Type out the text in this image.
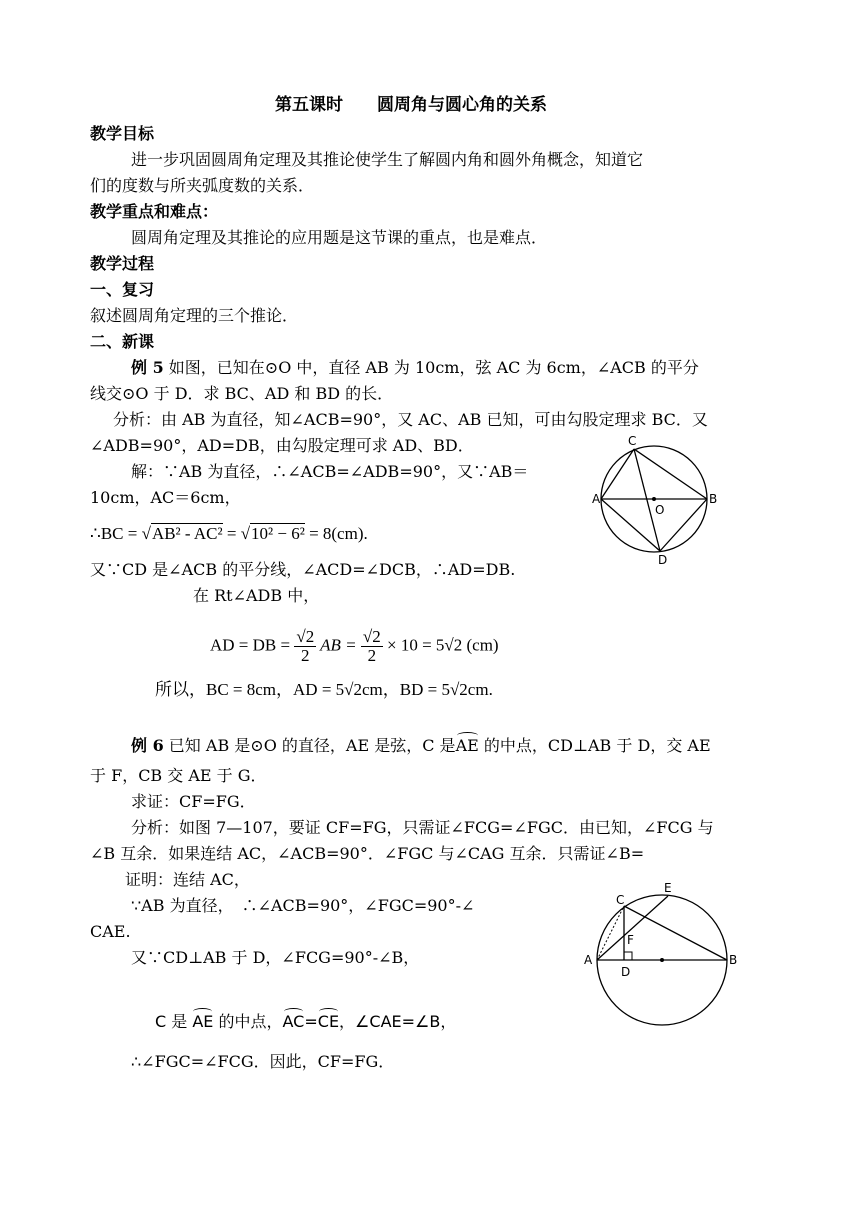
第五课时　　圆周角与圆心角的关系
教学目标
进一步巩固圆周角定理及其推论使学生了解圆内角和圆外角概念，知道它
们的度数与所夹弧度数的关系．
教学重点和难点：
圆周角定理及其推论的应用题是这节课的重点，也是难点．
教学过程
一、复习
叙述圆周角定理的三个推论．
二、新课
例 5 如图，已知在⊙O 中，直径 AB 为 10cm，弦 AC 为 6cm，∠ACB 的平分
线交⊙O 于 D．求 BC、AD 和 BD 的长．
分析：由 AB 为直径，知∠ACB=90°，又 AC、AB 已知，可由勾股定理求 BC．又
∠ADB=90°，AD=DB，由勾股定理可求 AD、BD．
解：∵AB 为直径，∴∠ACB=∠ADB=90°，又∵AB＝
10cm，AC＝6cm，
∴BC = √AB² - AC² = √10² − 6² = 8(cm).
又∵CD 是∠ACB 的平分线，∠ACD=∠DCB，∴AD=DB.
在 Rt∠ADB 中，
AD = DB = $\frac{√2}{2}$ AB = $\frac{√2}{2} \times 10 = 5√2$ (cm)
所以，BC = 8cm，AD = 5√2cm，BD = 5√2cm.
C
A
O
B
D
例 6 已知 AB 是⊙O 的直径，AE 是弦，C 是AE 的中点，CD⊥AB 于 D，交 AE
于 F，CB 交 AE 于 G．
求证：CF=FG．
分析：如图 7—107，要证 CF=FG，只需证∠FCG=∠FGC．由已知，∠FCG 与
∠B 互余．如果连结 AC，∠ACB=90°．∠FGC 与∠CAG 互余．只需证∠B=
证明：连结 AC，
∵AB 为直径，　∴∠ACB=90°，∠FGC=90°-∠
CAE.
又∵CD⊥AB 于 D，∠FCG=90°-∠B，
C 是 AE 的中点，AC=CE，∠CAE=∠B，
∴∠FGC=∠FCG．因此，CF=FG．
C
E
F
A
D
B
